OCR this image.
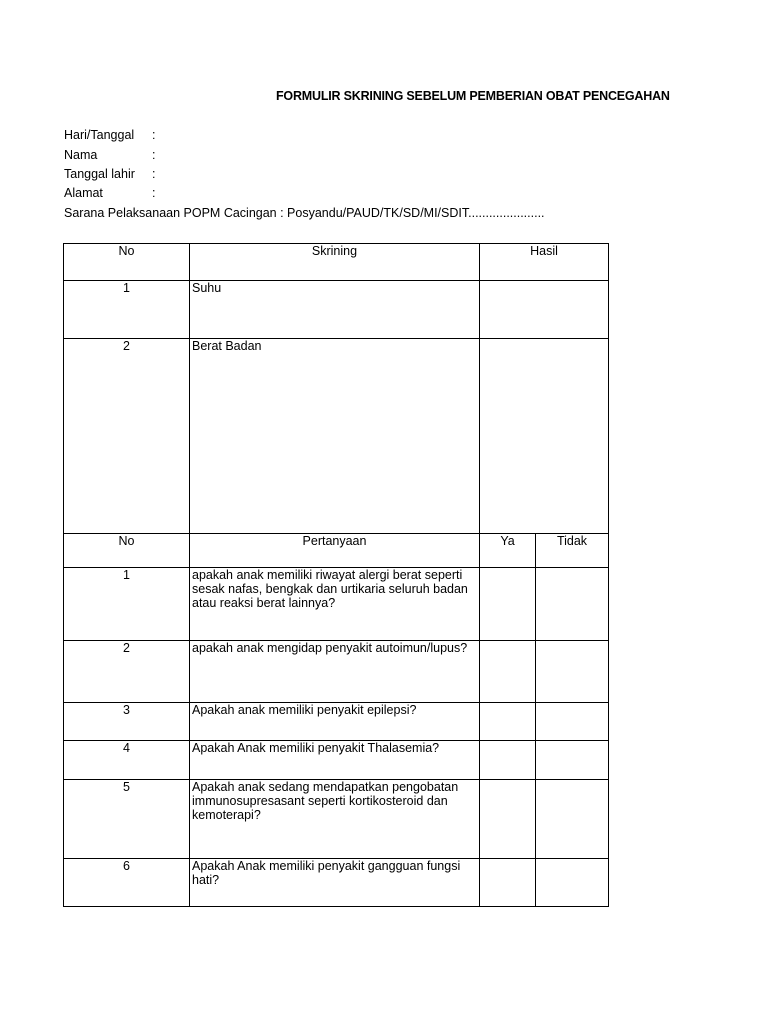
FORMULIR SKRINING SEBELUM PEMBERIAN OBAT PENCEGAHAN
Hari/Tanggal :
Nama	:
Tanggal lahir :
Alamat	:
Sarana Pelaksanaan POPM Cacingan : Posyandu/PAUD/TK/SD/MI/SDIT......................
No	Skrining	Hasil
1	Suhu	
2	Berat Badan	
No	Pertanyaan	Ya	Tidak
1	apakah anak memiliki riwayat alergi berat seperti sesak nafas, bengkak dan urtikaria seluruh badan atau reaksi berat lainnya?		
2	apakah anak mengidap penyakit autoimun/lupus?		
3	Apakah anak memiliki penyakit epilepsi?		
4	Apakah Anak memiliki penyakit Thalasemia?		
5	Apakah anak sedang mendapatkan pengobatan immunosupresasant seperti kortikosteroid dan kemoterapi?		
6	Apakah Anak memiliki penyakit gangguan fungsi hati?		
